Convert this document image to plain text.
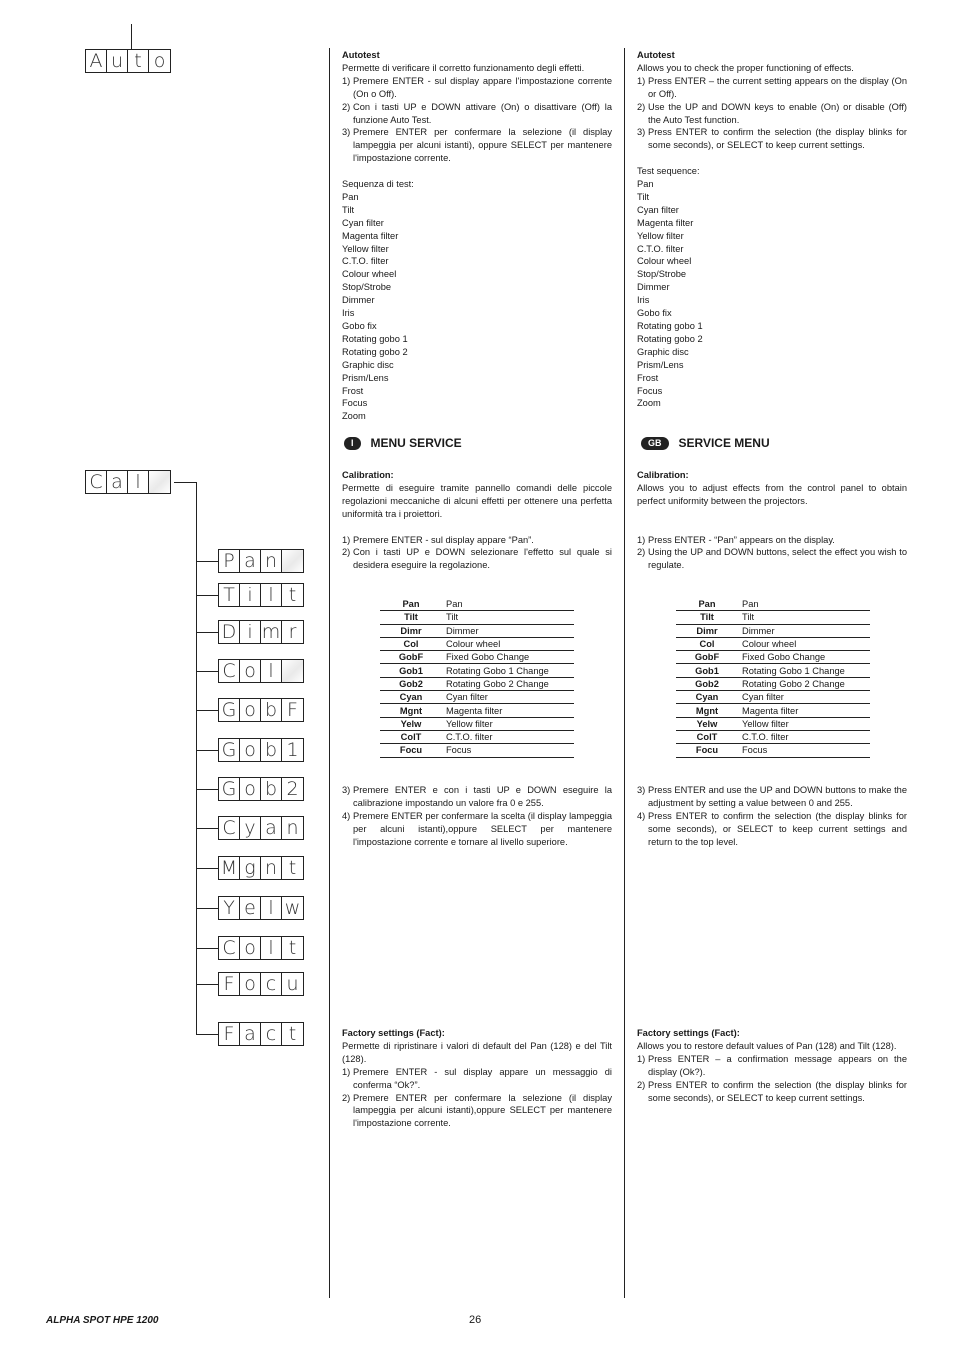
A u t o
C a l
P a n
T i l t
D i m r
C o l
G o b F
G o b 1
G o b 2
C y a n
M g n t
Y e l w
C o l t
F o c u
F a c t

Autotest

Permette di verificare il corretto funzionamento degli effetti.

1) Premere ENTER - sul display appare l'impostazione corrente (On o Off).
2) Con i tasti UP e DOWN attivare (On) o disattivare (Off) la funzione Auto Test.
3) Premere ENTER per confermare la selezione (il display lampeggia per alcuni istanti), oppure SELECT per mantenere l'impostazione corrente.

Sequenza di test:

Pan

Tilt

Cyan filter

Magenta filter

Yellow filter

C.T.O. filter

Colour wheel

Stop/Strobe

Dimmer

Iris

Gobo fix

Rotating gobo 1

Rotating gobo 2

Graphic disc

Prism/Lens

Frost

Focus

Zoom

I	MENU SERVICE

Calibration:

Permette di eseguire tramite pannello comandi delle piccole regolazioni meccaniche di alcuni effetti per ottenere una perfetta uniformità tra i proiettori.

1) Premere ENTER - sul display appare “Pan”.
2) Con i tasti UP e DOWN selezionare l'effetto sul quale si desidera eseguire la regolazione.
Pan	Pan
Tilt	Tilt
Dimr	Dimmer
Col	Colour wheel
GobF	Fixed Gobo Change
Gob1	Rotating Gobo 1 Change
Gob2	Rotating Gobo 2 Change
Cyan	Cyan filter
Mgnt	Magenta filter
Yelw	Yellow filter
ColT	C.T.O. filter
Focu	Focus
3) Premere ENTER e con i tasti UP e DOWN eseguire la calibrazione impostando un valore fra 0 e 255.
4) Premere ENTER per confermare la scelta (il display lampeggia per alcuni istanti),oppure SELECT per mantenere l'impostazione corrente e tornare al livello superiore.

Factory settings (Fact):

Permette di ripristinare i valori di default del Pan (128) e del Tilt (128).

1) Premere ENTER - sul display appare un messaggio di conferma “Ok?”.
2) Premere ENTER per confermare la selezione (il display lampeggia per alcuni istanti),oppure SELECT per mantenere l'impostazione corrente.

Autotest

Allows you to check the proper functioning of effects.

1) Press ENTER – the current setting appears on the display (On or Off).
2) Use the UP and DOWN keys to enable (On) or disable (Off) the Auto Test function.
3) Press ENTER to confirm the selection (the display blinks for some seconds), or SELECT to keep current settings.

Test sequence:

Pan

Tilt

Cyan filter

Magenta filter

Yellow filter

C.T.O. filter

Colour wheel

Stop/Strobe

Dimmer

Iris

Gobo fix

Rotating gobo 1

Rotating gobo 2

Graphic disc

Prism/Lens

Frost

Focus

Zoom

GB	SERVICE MENU

Calibration:

Allows you to adjust effects from the control panel to obtain perfect uniformity between the projectors.

1) Press ENTER - “Pan” appears on the display.
2) Using the UP and DOWN buttons, select the effect you wish to regulate.
Pan	Pan
Tilt	Tilt
Dimr	Dimmer
Col	Colour wheel
GobF	Fixed Gobo Change
Gob1	Rotating Gobo 1 Change
Gob2	Rotating Gobo 2 Change
Cyan	Cyan filter
Mgnt	Magenta filter
Yelw	Yellow filter
ColT	C.T.O. filter
Focu	Focus
3) Press ENTER and use the UP and DOWN buttons to make the adjustment by setting a value between 0 and 255.
4) Press ENTER to confirm the selection (the display blinks for some seconds), or SELECT to keep current settings and return to the top level.

Factory settings (Fact):

Allows you to restore default values of Pan (128) and Tilt (128).

1) Press ENTER – a confirmation message appears on the display (Ok?).
2) Press ENTER to confirm the selection (the display blinks for some seconds), or SELECT to keep current settings.
ALPHA SPOT HPE 1200	26
